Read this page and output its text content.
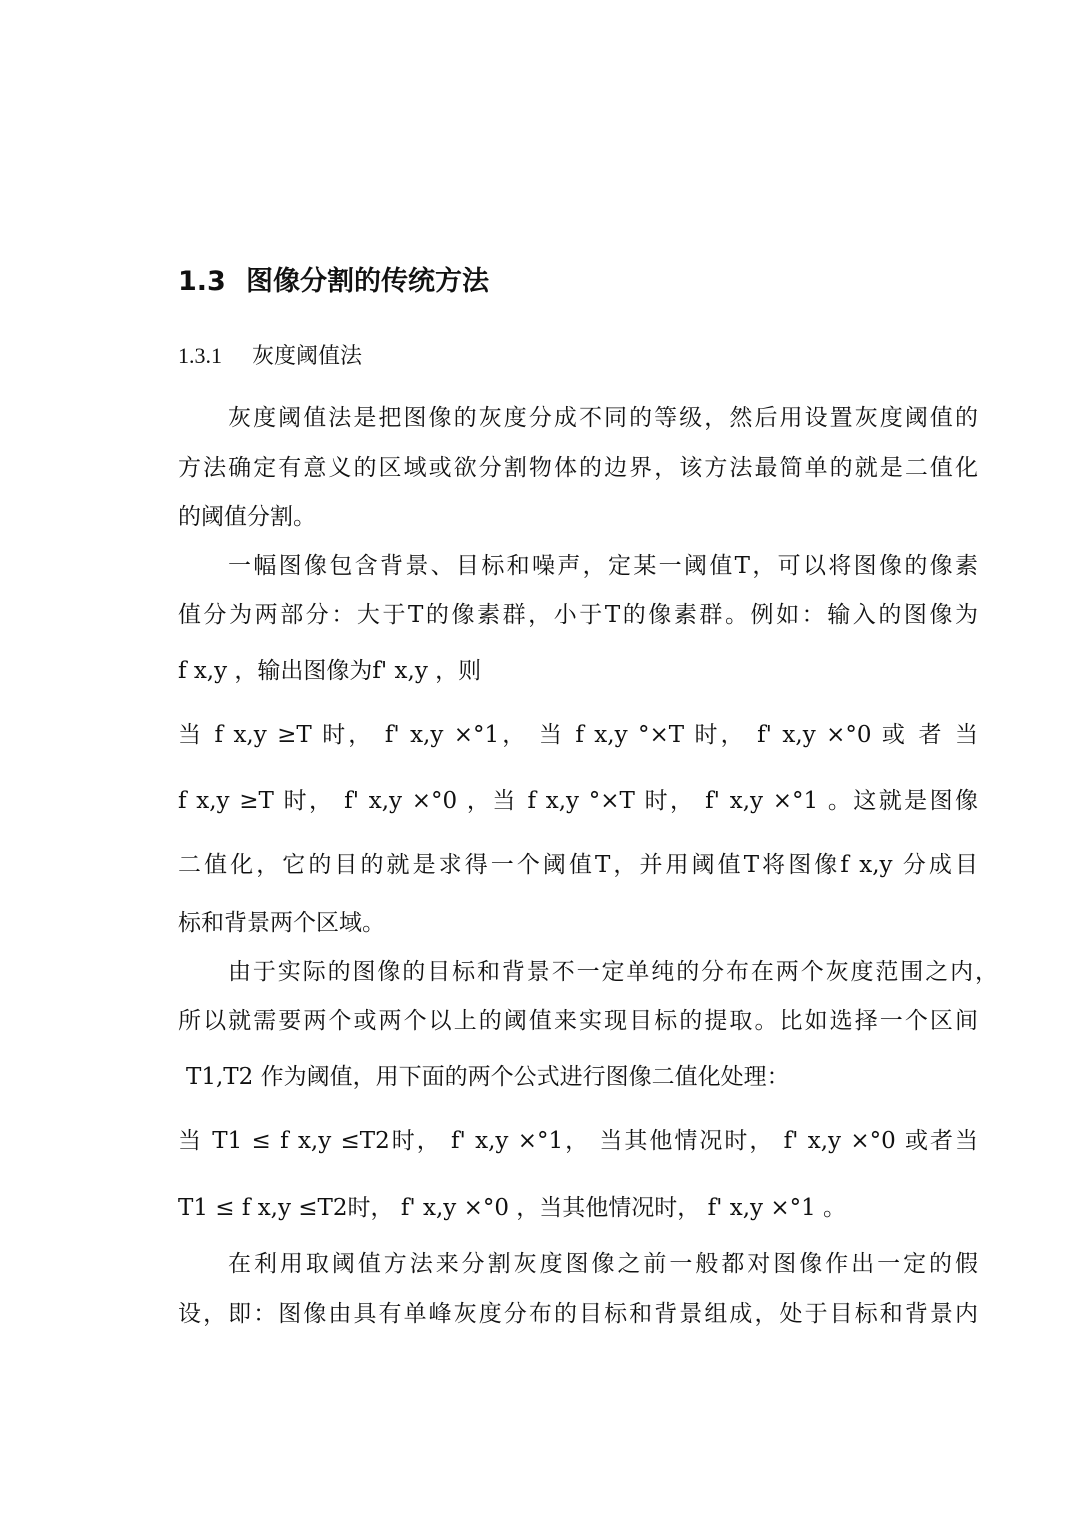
1.3 图像分割的传统方法
1.3.1 灰度阈值法
灰度阈值法是把图像的灰度分成不同的等级，然后用设置灰度阈值的
方法确定有意义的区域或欲分割物体的边界，该方法最简单的就是二值化
的阈值分割。
一幅图像包含背景、目标和噪声，定某一阈值T，可以将图像的像素
值分为两部分：大于T的像素群，小于T的像素群。例如：输入的图像为
f x,y ，输出图像为f' x,y ，则
当 f x,y ≥T 时， f' x,y ×°1， 当 f x,y °×T 时， f' x,y ×°0 或 者 当
f x,y ≥T 时， f' x,y ×°0 ，当 f x,y °×T 时， f' x,y ×°1 。这就是图像
二值化，它的目的就是求得一个阈值T，并用阈值T将图像f x,y 分成目
标和背景两个区域。
由于实际的图像的目标和背景不一定单纯的分布在两个灰度范围之内，
所以就需要两个或两个以上的阈值来实现目标的提取。比如选择一个区间
T1,T2 作为阈值，用下面的两个公式进行图像二值化处理：
当 T1 ≤ f x,y ≤T2时， f' x,y ×°1， 当其他情况时， f' x,y ×°0 或者当
T1 ≤ f x,y ≤T2时， f' x,y ×°0 ，当其他情况时， f' x,y ×°1 。
在利用取阈值方法来分割灰度图像之前一般都对图像作出一定的假
设，即：图像由具有单峰灰度分布的目标和背景组成，处于目标和背景内
